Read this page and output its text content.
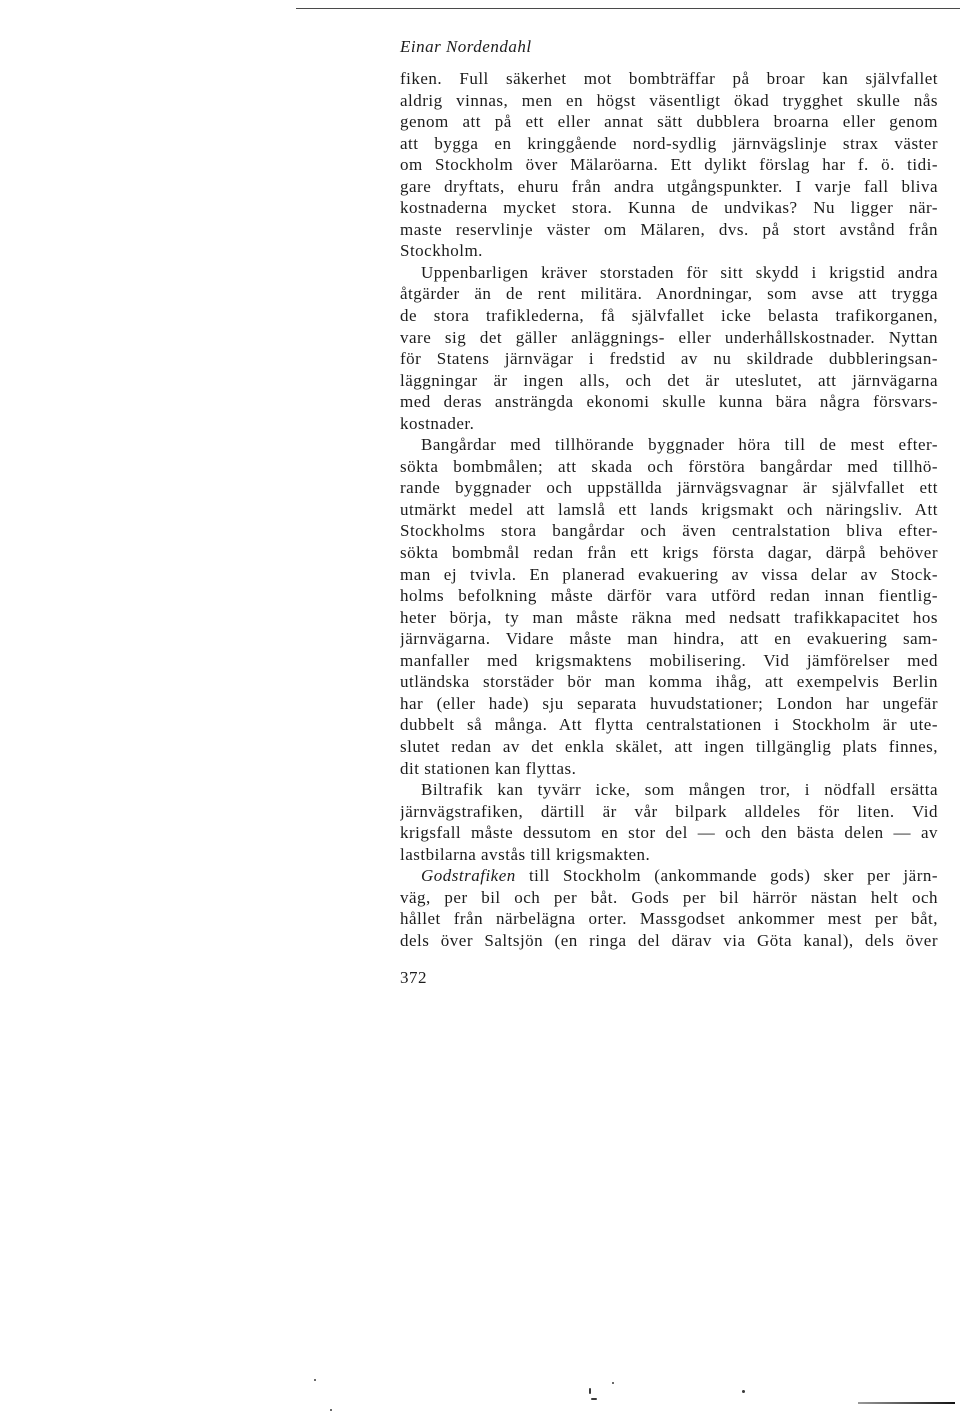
Einar Nordendahl
fiken. Full säkerhet mot bombträffar på broar kan självfallet
aldrig vinnas, men en högst väsentligt ökad trygghet skulle nås
genom att på ett eller annat sätt dubblera broarna eller genom
att bygga en kringgående nord-sydlig järnvägslinje strax väster
om Stockholm över Mälaröarna. Ett dylikt förslag har f. ö. tidi-
gare dryftats, ehuru från andra utgångspunkter. I varje fall bliva
kostnaderna mycket stora. Kunna de undvikas? Nu ligger när-
maste reservlinje väster om Mälaren, dvs. på stort avstånd från
Stockholm.
Uppenbarligen kräver storstaden för sitt skydd i krigstid andra
åtgärder än de rent militära. Anordningar, som avse att trygga
de stora trafiklederna, få självfallet icke belasta trafikorganen,
vare sig det gäller anläggnings- eller underhållskostnader. Nyttan
för Statens järnvägar i fredstid av nu skildrade dubbleringsan-
läggningar är ingen alls, och det är uteslutet, att järnvägarna
med deras ansträngda ekonomi skulle kunna bära några försvars-
kostnader.
Bangårdar med tillhörande byggnader höra till de mest efter-
sökta bombmålen; att skada och förstöra bangårdar med tillhö-
rande byggnader och uppställda järnvägsvagnar är självfallet ett
utmärkt medel att lamslå ett lands krigsmakt och näringsliv. Att
Stockholms stora bangårdar och även centralstation bliva efter-
sökta bombmål redan från ett krigs första dagar, därpå behöver
man ej tvivla. En planerad evakuering av vissa delar av Stock-
holms befolkning måste därför vara utförd redan innan fientlig-
heter börja, ty man måste räkna med nedsatt trafikkapacitet hos
järnvägarna. Vidare måste man hindra, att en evakuering sam-
manfaller med krigsmaktens mobilisering. Vid jämförelser med
utländska storstäder bör man komma ihåg, att exempelvis Berlin
har (eller hade) sju separata huvudstationer; London har ungefär
dubbelt så många. Att flytta centralstationen i Stockholm är ute-
slutet redan av det enkla skälet, att ingen tillgänglig plats finnes,
dit stationen kan flyttas.
Biltrafik kan tyvärr icke, som mången tror, i nödfall ersätta
järnvägstrafiken, därtill är vår bilpark alldeles för liten. Vid
krigsfall måste dessutom en stor del — och den bästa delen — av
lastbilarna avstås till krigsmakten.
Godstrafiken till Stockholm (ankommande gods) sker per järn-
väg, per bil och per båt. Gods per bil härrör nästan helt och
hållet från närbelägna orter. Massgodset ankommer mest per båt,
dels över Saltsjön (en ringa del därav via Göta kanal), dels över
372
